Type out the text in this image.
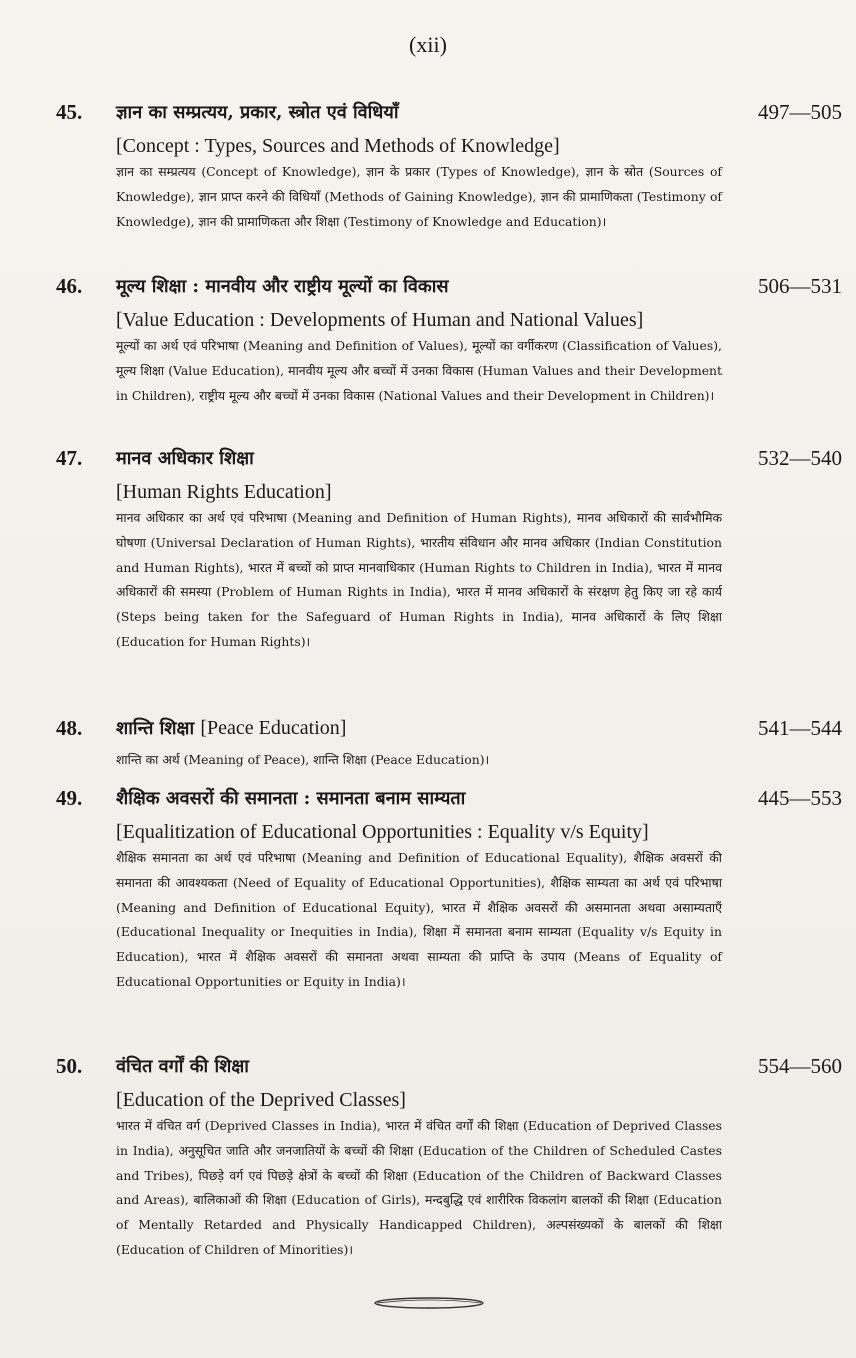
(xii)
45. ज्ञान का सम्प्रत्यय, प्रकार, स्त्रोत एवं विधियाँ	497—505
[Concept : Types, Sources and Methods of Knowledge]
ज्ञान का सम्प्रत्यय (Concept of Knowledge), ज्ञान के प्रकार (Types of Knowledge), ज्ञान के स्रोत (Sources of Knowledge), ज्ञान प्राप्त करने की विधियाँ (Methods of Gaining Knowledge), ज्ञान की प्रामाणिकता (Testimony of Knowledge), ज्ञान की प्रामाणिकता और शिक्षा (Testimony of Knowledge and Education)।
46. मूल्य शिक्षा : मानवीय और राष्ट्रीय मूल्यों का विकास	506—531
[Value Education : Developments of Human and National Values]
मूल्यों का अर्थ एवं परिभाषा (Meaning and Definition of Values), मूल्यों का वर्गीकरण (Classification of Values), मूल्य शिक्षा (Value Education), मानवीय मूल्य और बच्चों में उनका विकास (Human Values and their Development in Children), राष्ट्रीय मूल्य और बच्चों में उनका विकास (National Values and their Development in Children)।
47. मानव अधिकार शिक्षा	532—540
[Human Rights Education]
मानव अधिकार का अर्थ एवं परिभाषा (Meaning and Definition of Human Rights), मानव अधिकारों की सार्वभौमिक घोषणा (Universal Declaration of Human Rights), भारतीय संविधान और मानव अधिकार (Indian Constitution and Human Rights), भारत में बच्चों को प्राप्त मानवाधिकार (Human Rights to Children in India), भारत में मानव अधिकारों की समस्या (Problem of Human Rights in India), भारत में मानव अधिकारों के संरक्षण हेतु किए जा रहे कार्य (Steps being taken for the Safeguard of Human Rights in India), मानव अधिकारों के लिए शिक्षा (Education for Human Rights)।
48. शान्ति शिक्षा [Peace Education]	541—544
शान्ति का अर्थ (Meaning of Peace), शान्ति शिक्षा (Peace Education)।
49. शैक्षिक अवसरों की समानता : समानता बनाम साम्यता	445—553
[Equalitization of Educational Opportunities : Equality v/s Equity]
शैक्षिक समानता का अर्थ एवं परिभाषा (Meaning and Definition of Educational Equality), शैक्षिक अवसरों की समानता की आवश्यकता (Need of Equality of Educational Opportunities), शैक्षिक साम्यता का अर्थ एवं परिभाषा (Meaning and Definition of Educational Equity), भारत में शैक्षिक अवसरों की असमानता अथवा असाम्यताएँ (Educational Inequality or Inequities in India), शिक्षा में समानता बनाम साम्यता (Equality v/s Equity in Education), भारत में शैक्षिक अवसरों की समानता अथवा साम्यता की प्राप्ति के उपाय (Means of Equality of Educational Opportunities or Equity in India)।
50. वंचित वर्गों की शिक्षा	554—560
[Education of the Deprived Classes]
भारत में वंचित वर्ग (Deprived Classes in India), भारत में वंचित वर्गों की शिक्षा (Education of Deprived Classes in India), अनुसूचित जाति और जनजातियों के बच्चों की शिक्षा (Education of the Children of Scheduled Castes and Tribes), पिछड़े वर्ग एवं पिछड़े क्षेत्रों के बच्चों की शिक्षा (Education of the Children of Backward Classes and Areas), बालिकाओं की शिक्षा (Education of Girls), मन्दबुद्धि एवं शारीरिक विकलांग बालकों की शिक्षा (Education of Mentally Retarded and Physically Handicapped Children), अल्पसंख्यकों के बालकों की शिक्षा (Education of Children of Minorities)।
